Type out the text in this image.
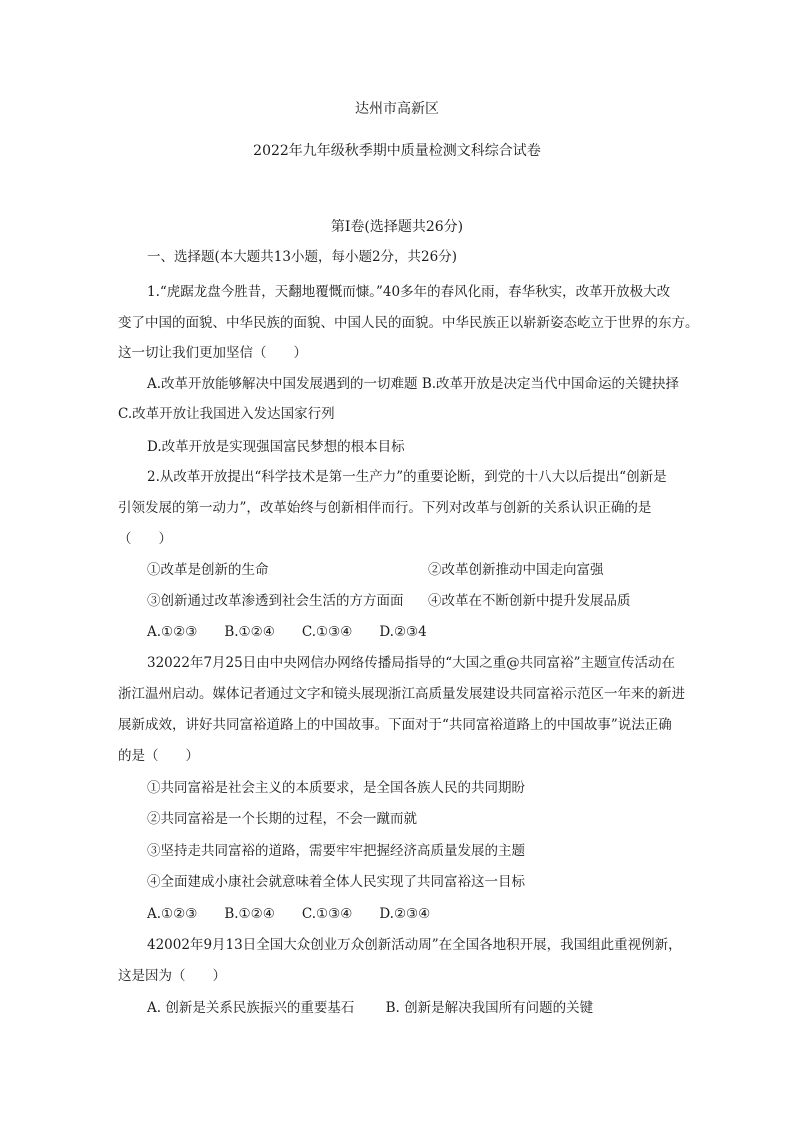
达州市高新区
2022年九年级秋季期中质量检测文科综合试卷
第I卷(选择题共26分)
一、选择题(本大题共13小题，每小题2分，共26分)
1.“虎踞龙盘今胜昔，天翻地覆慨而慷。”40多年的春风化雨，春华秋实，改革开放极大改
变了中国的面貌、中华民族的面貌、中国人民的面貌。中华民族正以崭新姿态屹立于世界的东方。
这一切让我们更加坚信（　　）
A.改革开放能够解决中国发展遇到的一切难题 B.改革开放是决定当代中国命运的关键抉择
C.改革开放让我国进入发达国家行列
D.改革开放是实现强国富民梦想的根本目标
2.从改革开放提出“科学技术是第一生产力”的重要论断，到党的十八大以后提出“创新是
引领发展的第一动力”，改革始终与创新相伴而行。下列对改革与创新的关系认识正确的是
（　　）
①改革是创新的生命	②改革创新推动中国走向富强
③创新通过改革渗透到社会生活的方方面面 ④改革在不断创新中提升发展品质
A.①②③　　B.①②④　　C.①③④　　D.②③4
32022年7月25日由中央网信办网络传播局指导的“大国之重@共同富裕”主题宣传活动在
浙江温州启动。媒体记者通过文字和镜头展现浙江高质量发展建设共同富裕示范区一年来的新进
展新成效，讲好共同富裕道路上的中国故事。下面对于“共同富裕道路上的中国故事”说法正确
的是（　　）
①共同富裕是社会主义的本质要求，是全国各族人民的共同期盼
②共同富裕是一个长期的过程，不会一蹴而就
③坚持走共同富裕的道路，需要牢牢把握经济高质量发展的主题
④全面建成小康社会就意味着全体人民实现了共同富裕这一目标
A.①②③　　B.①②④　　C.①③④　　D.②③④
42002年9月13日全国大众创业万众创新活动周”在全国各地积开展，我国组此重视例新，
这是因为（　　）
A. 创新是关系民族振兴的重要基石　　 B. 创新是解决我国所有问题的关键
